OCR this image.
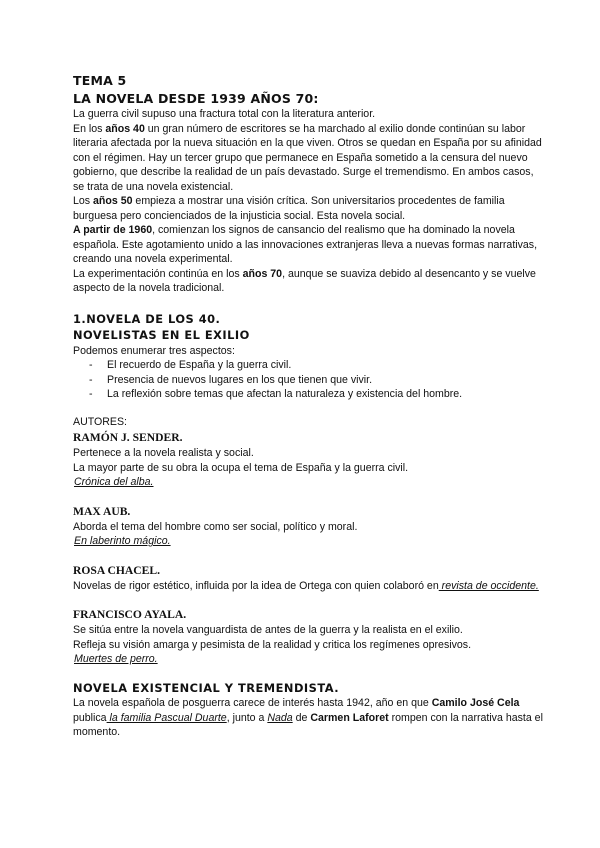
TEMA 5

LA NOVELA DESDE 1939 AÑOS 70:

La guerra civil supuso una fractura total con la literatura anterior.

En los años 40 un gran número de escritores se ha marchado al exilio donde continúan su labor literaria afectada por la nueva situación en la que viven. Otros se quedan en España por su afinidad con el régimen. Hay un tercer grupo que permanece en España sometido a la censura del nuevo gobierno, que describe la realidad de un país devastado. Surge el tremendismo. En ambos casos, se trata de una novela existencial.

Los años 50 empieza a mostrar una visión crítica. Son universitarios procedentes de familia burguesa pero concienciados de la injusticia social. Esta novela social.

A partir de 1960, comienzan los signos de cansancio del realismo que ha dominado la novela española. Este agotamiento unido a las innovaciones extranjeras lleva a nuevas formas narrativas, creando una novela experimental.

La experimentación continúa en los años 70, aunque se suaviza debido al desencanto y se vuelve aspecto de la novela tradicional.

1.NOVELA DE LOS 40.

NOVELISTAS EN EL EXILIO

Podemos enumerar tres aspectos:

- El recuerdo de España y la guerra civil.
- Presencia de nuevos lugares en los que tienen que vivir.
- La reflexión sobre temas que afectan la naturaleza y existencia del hombre.

AUTORES:

RAMÓN J. SENDER.

Pertenece a la novela realista y social.

La mayor parte de su obra la ocupa el tema de España y la guerra civil.

Crónica del alba.

MAX AUB.

Aborda el tema del hombre como ser social, político y moral.

En laberinto mágico.

ROSA CHACEL.

Novelas de rigor estético, influida por la idea de Ortega con quien colaboró en revista de occidente.

FRANCISCO AYALA.

Se sitúa entre la novela vanguardista de antes de la guerra y la realista en el exilio.

Refleja su visión amarga y pesimista de la realidad y critica los regímenes opresivos.

Muertes de perro.

NOVELA EXISTENCIAL Y TREMENDISTA.

La novela española de posguerra carece de interés hasta 1942, año en que Camilo José Cela publica la familia Pascual Duarte, junto a Nada de Carmen Laforet rompen con la narrativa hasta el momento.
